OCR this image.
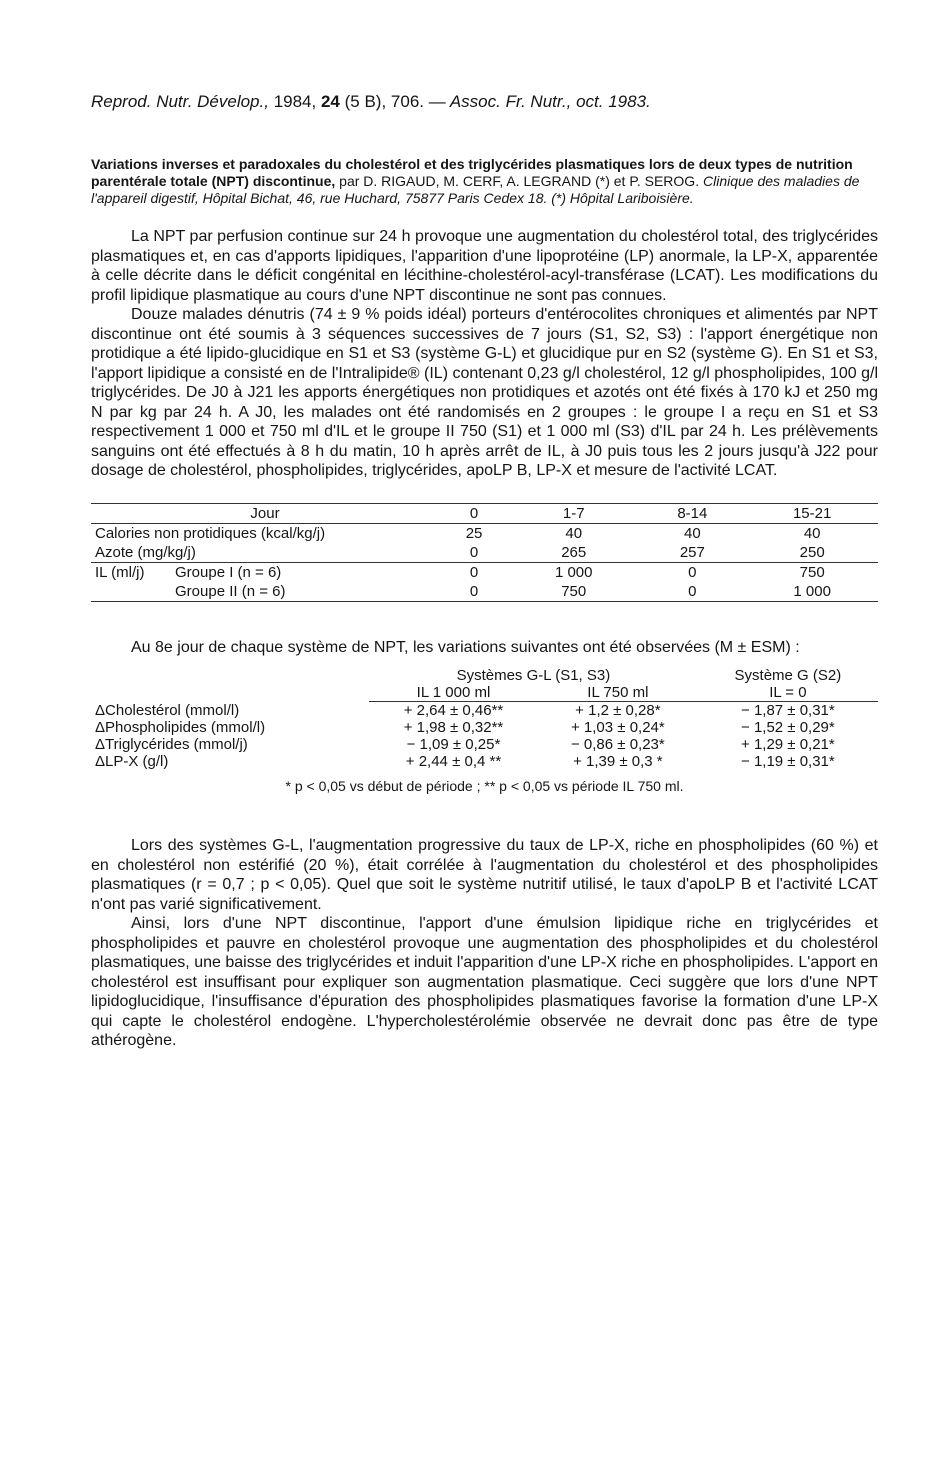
Reprod. Nutr. Dévelop., 1984, 24 (5 B), 706. — Assoc. Fr. Nutr., oct. 1983.
Variations inverses et paradoxales du cholestérol et des triglycérides plasmatiques lors de deux types de nutrition parentérale totale (NPT) discontinue, par D. RIGAUD, M. CERF, A. LEGRAND (*) et P. SEROG. Clinique des maladies de l'appareil digestif, Hôpital Bichat, 46, rue Huchard, 75877 Paris Cedex 18. (*) Hôpital Lariboisière.

La NPT par perfusion continue sur 24 h provoque une augmentation du cholestérol total, des triglycérides plasmatiques et, en cas d'apports lipidiques, l'apparition d'une lipoprotéine (LP) anormale, la LP-X, apparentée à celle décrite dans le déficit congénital en lécithine-cholestérol-acyl-transférase (LCAT). Les modifications du profil lipidique plasmatique au cours d'une NPT discontinue ne sont pas connues.

Douze malades dénutris (74 ± 9 % poids idéal) porteurs d'entérocolites chroniques et alimentés par NPT discontinue ont été soumis à 3 séquences successives de 7 jours (S1, S2, S3) : l'apport énergétique non protidique a été lipido-glucidique en S1 et S3 (système G-L) et glucidique pur en S2 (système G). En S1 et S3, l'apport lipidique a consisté en de l'Intralipide® (IL) contenant 0,23 g/l cholestérol, 12 g/l phospholipides, 100 g/l triglycérides. De J0 à J21 les apports énergétiques non protidiques et azotés ont été fixés à 170 kJ et 250 mg N par kg par 24 h. A J0, les malades ont été randomisés en 2 groupes : le groupe I a reçu en S1 et S3 respectivement 1 000 et 750 ml d'IL et le groupe II 750 (S1) et 1 000 ml (S3) d'IL par 24 h. Les prélèvements sanguins ont été effectués à 8 h du matin, 10 h après arrêt de IL, à J0 puis tous les 2 jours jusqu'à J22 pour dosage de cholestérol, phospholipides, triglycérides, apoLP B, LP-X et mesure de l'activité LCAT.

Jour	0	1-7	8-14	15-21
Calories non protidiques (kcal/kg/j)	25	40	40	40
Azote (mg/kg/j)	0	265	257	250
IL (ml/j) Groupe I (n = 6)	0	1 000	0	750
Groupe II (n = 6)	0	750	0	1 000

Au 8e jour de chaque système de NPT, les variations suivantes ont été observées (M ± ESM) :

	Systèmes G-L (S1, S3)		Système G (S2)
	IL 1 000 ml	IL 750 ml	IL = 0
ΔCholestérol (mmol/l)	+ 2,64 ± 0,46**	+ 1,2 ± 0,28*	− 1,87 ± 0,31*
ΔPhospholipides (mmol/l)	+ 1,98 ± 0,32**	+ 1,03 ± 0,24*	− 1,52 ± 0,29*
ΔTriglycérides (mmol/j)	− 1,09 ± 0,25*	− 0,86 ± 0,23*	+ 1,29 ± 0,21*
ΔLP-X (g/l)	+ 2,44 ± 0,4 **	+ 1,39 ± 0,3 *	− 1,19 ± 0,31*
* p < 0,05 vs début de période ; ** p < 0,05 vs période IL 750 ml.

Lors des systèmes G-L, l'augmentation progressive du taux de LP-X, riche en phospholipides (60 %) et en cholestérol non estérifié (20 %), était corrélée à l'augmentation du cholestérol et des phospholipides plasmatiques (r = 0,7 ; p < 0,05). Quel que soit le système nutritif utilisé, le taux d'apoLP B et l'activité LCAT n'ont pas varié significativement.

Ainsi, lors d'une NPT discontinue, l'apport d'une émulsion lipidique riche en triglycérides et phospholipides et pauvre en cholestérol provoque une augmentation des phospholipides et du cholestérol plasmatiques, une baisse des triglycérides et induit l'apparition d'une LP-X riche en phospholipides. L'apport en cholestérol est insuffisant pour expliquer son augmentation plasmatique. Ceci suggère que lors d'une NPT lipidoglucidique, l'insuffisance d'épuration des phospholipides plasmatiques favorise la formation d'une LP-X qui capte le cholestérol endogène. L'hypercholestérolémie observée ne devrait donc pas être de type athérogène.
